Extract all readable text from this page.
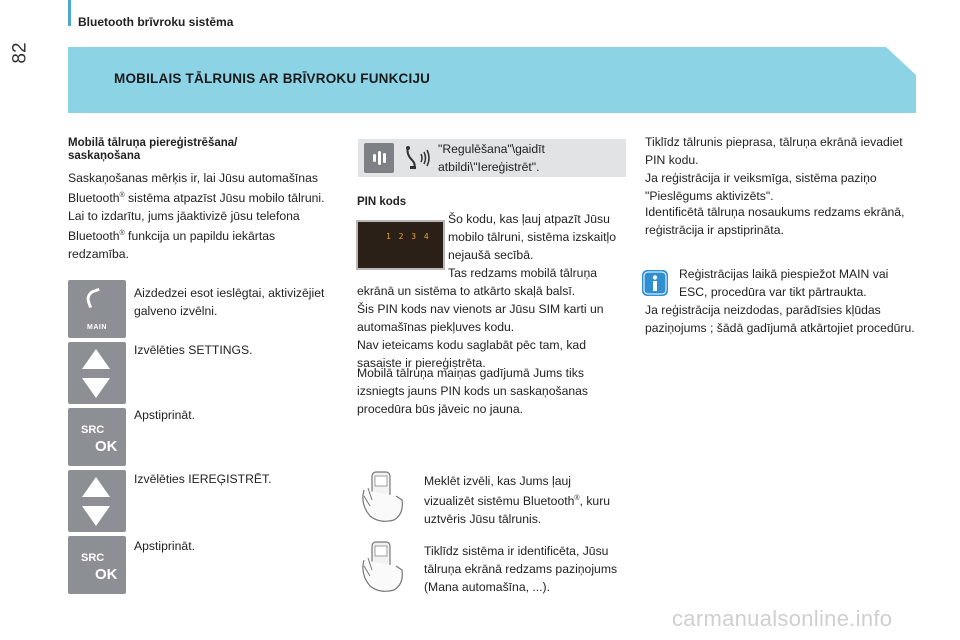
82
Bluetooth brīvroku sistēma
MOBILAIS TĀLRUNIS AR BRĪVROKU FUNKCIJU
Mobilā tālruņa piereģistrēšana/ saskaņošana
Saskaņošanas mērķis ir, lai Jūsu automašīnas Bluetooth® sistēma atpazīst Jūsu mobilo tālruni.
Lai to izdarītu, jums jāaktivizē jūsu telefona Bluetooth® funkcija un papildu iekārtas redzamība.
MAIN
Aizdedzei esot ieslēgtai, aktivizējiet galveno izvēlni.
Izvēlēties SETTINGS.
SRC
OK
Apstiprināt.
Izvēlēties IEREĢISTRĒT.
SRC
OK
Apstiprināt.
"Regulēšana"\gaidīt atbildi\"Iereģistrēt".
PIN kods
1 2 3 4
Šo kodu, kas ļauj atpazīt Jūsu mobilo tālruni, sistēma izskaitļo nejaušā secībā.
Tas redzams mobilā tālruņa ekrānā un sistēma to atkārto skaļā balsī.
Šis PIN kods nav vienots ar Jūsu SIM karti un automašīnas piekļuves kodu.
Nav ieteicams kodu saglabāt pēc tam, kad sasaiste ir piereģistrēta.
Mobilā tālruņa maiņas gadījumā Jums tiks izsniegts jauns PIN kods un saskaņošanas procedūra būs jāveic no jauna.
Meklēt izvēli, kas Jums ļauj vizualizēt sistēmu Bluetooth®, kuru uztvēris Jūsu tālrunis.
Tiklīdz sistēma ir identificēta, Jūsu tālruņa ekrānā redzams paziņojums (Mana automašīna, ...).
Tiklīdz tālrunis pieprasa, tālruņa ekrānā ievadiet PIN kodu.
Ja reģistrācija ir veiksmīga, sistēma paziņo "Pieslēgums aktivizēts".
Identificētā tālruņa nosaukums redzams ekrānā, reģistrācija ir apstiprināta.
Reģistrācijas laikā piespiežot MAIN vai ESC, procedūra var tikt pārtraukta.
Ja reģistrācija neizdodas, parādīsies kļūdas paziņojums ; šādā gadījumā atkārtojiet procedūru.
carmanualsonline.info
